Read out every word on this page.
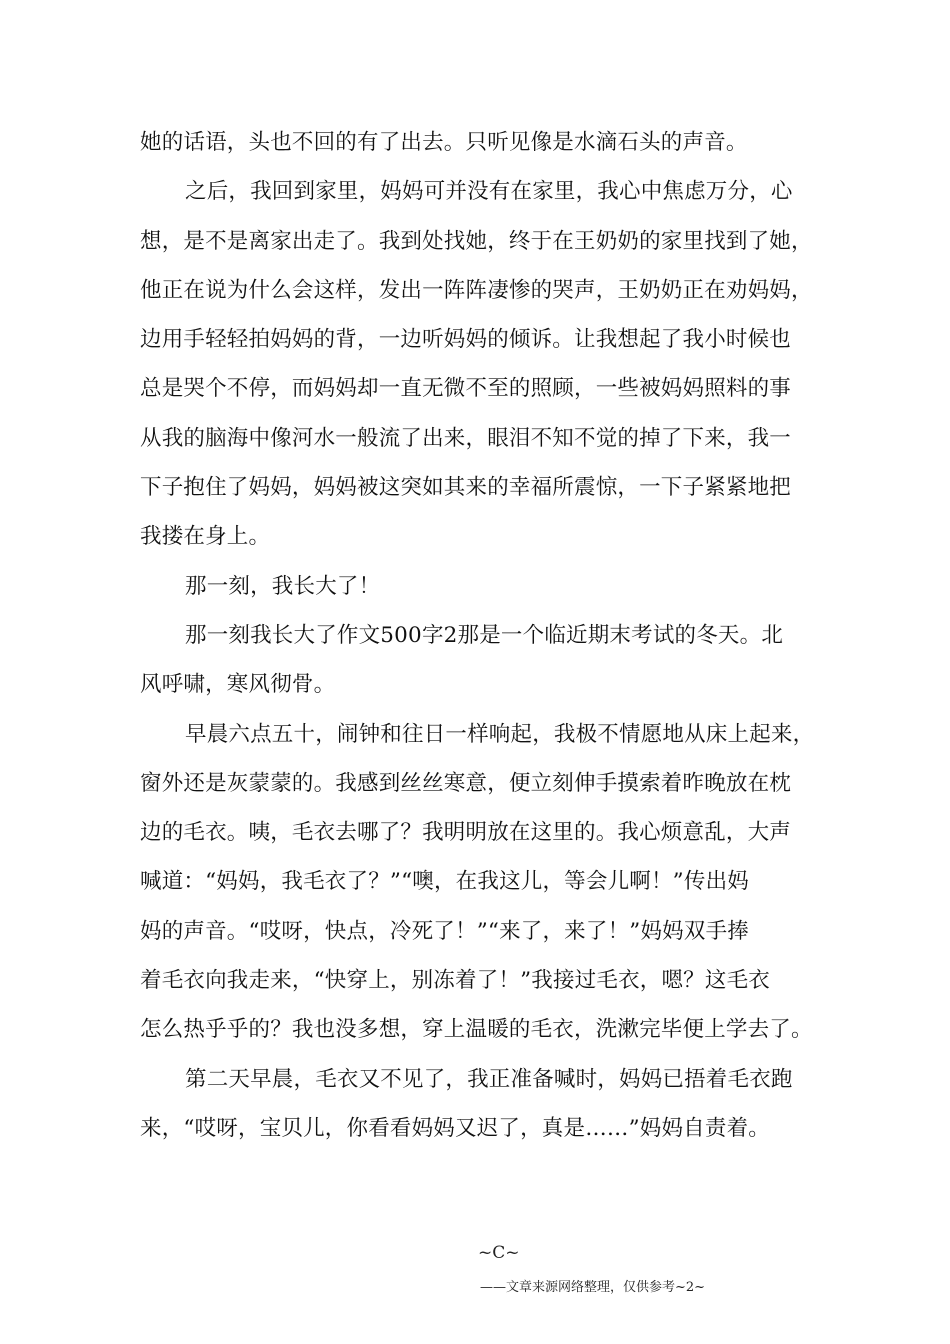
她的话语，头也不回的有了出去。只听见像是水滴石头的声音。
之后，我回到家里，妈妈可并没有在家里，我心中焦虑万分，心
想，是不是离家出走了。我到处找她，终于在王奶奶的家里找到了她，
他正在说为什么会这样，发出一阵阵凄惨的哭声，王奶奶正在劝妈妈，
边用手轻轻拍妈妈的背，一边听妈妈的倾诉。让我想起了我小时候也
总是哭个不停，而妈妈却一直无微不至的照顾，一些被妈妈照料的事
从我的脑海中像河水一般流了出来，眼泪不知不觉的掉了下来，我一
下子抱住了妈妈，妈妈被这突如其来的幸福所震惊，一下子紧紧地把
我搂在身上。
那一刻，我长大了！
那一刻我长大了作文500字2那是一个临近期末考试的冬天。北
风呼啸，寒风彻骨。
早晨六点五十，闹钟和往日一样响起，我极不情愿地从床上起来，
窗外还是灰蒙蒙的。我感到丝丝寒意，便立刻伸手摸索着昨晚放在枕
边的毛衣。咦，毛衣去哪了？我明明放在这里的。我心烦意乱，大声
喊道：“妈妈，我毛衣了？”“噢，在我这儿，等会儿啊！”传出妈
妈的声音。“哎呀，快点，冷死了！”“来了，来了！”妈妈双手捧
着毛衣向我走来，“快穿上，别冻着了！”我接过毛衣，嗯？这毛衣
怎么热乎乎的？我也没多想，穿上温暖的毛衣，洗漱完毕便上学去了。
第二天早晨，毛衣又不见了，我正准备喊时，妈妈已捂着毛衣跑
来，“哎呀，宝贝儿，你看看妈妈又迟了，真是……”妈妈自责着。
~C~
——文章来源网络整理，仅供参考~2~
